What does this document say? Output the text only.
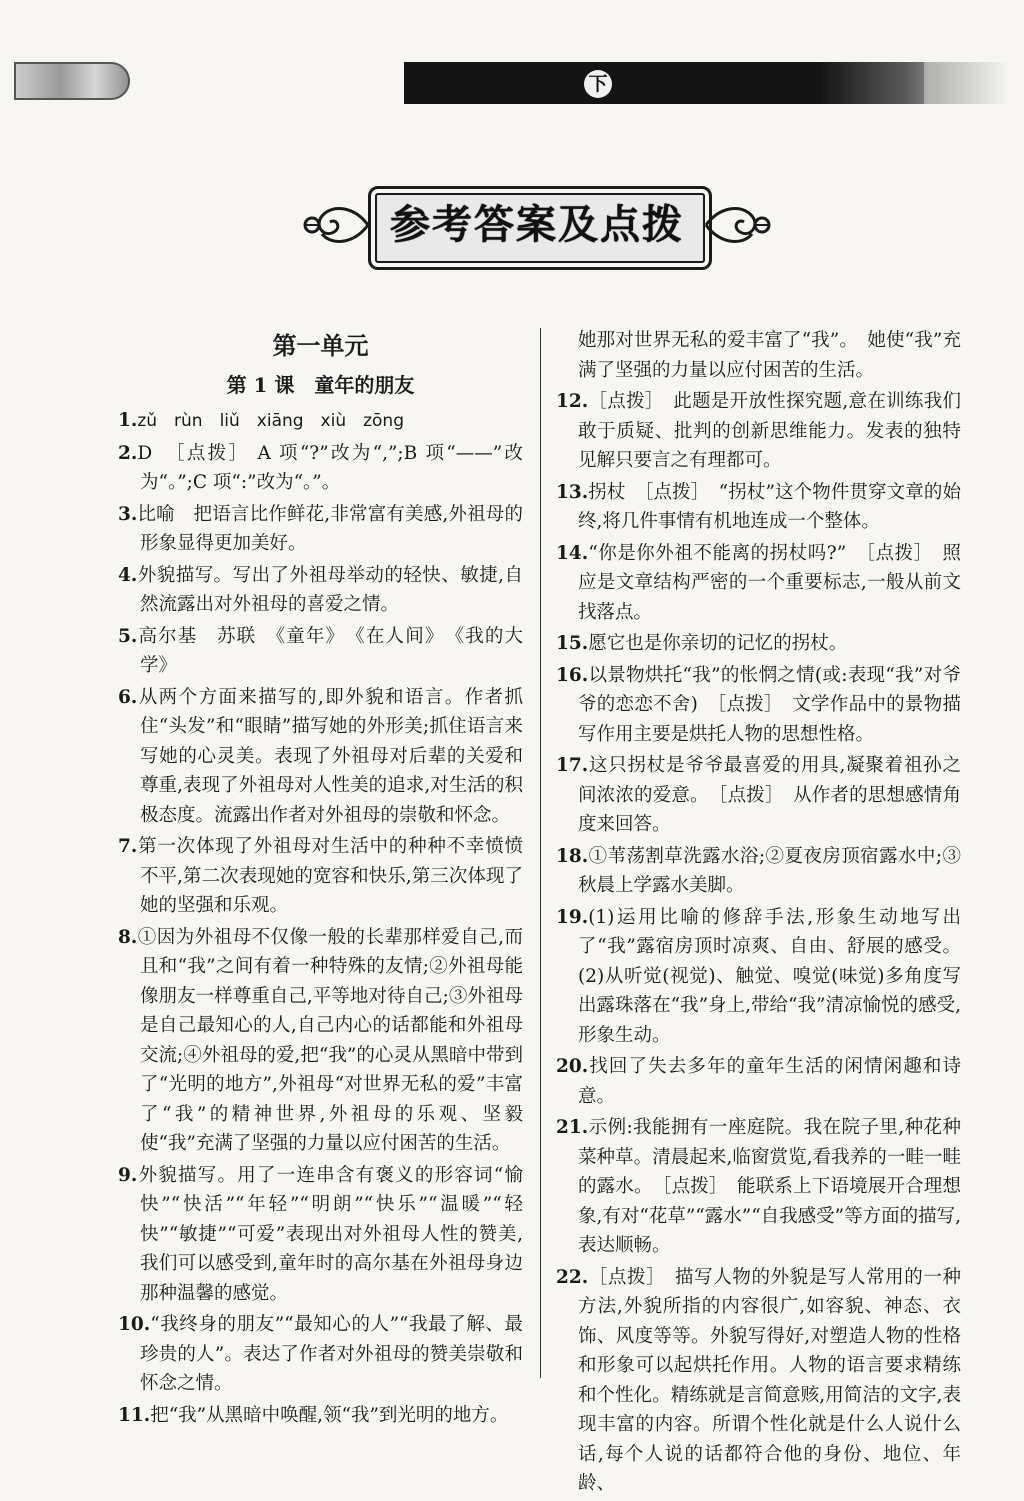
下
参考答案及点拨
第一单元
第 1 课　童年的朋友
1.zǔ　rùn　liǔ　xiāng　xiù　zōng
2.D　［点拨］ A 项“?”改为“,”;B 项“——”改为“。”;C 项“:”改为“。”。
3.比喻　把语言比作鲜花,非常富有美感,外祖母的形象显得更加美好。
4.外貌描写。写出了外祖母举动的轻快、敏捷,自然流露出对外祖母的喜爱之情。
5.高尔基　苏联　《童年》　《在人间》　《我的大学》
6.从两个方面来描写的,即外貌和语言。作者抓住“头发”和“眼睛”描写她的外形美;抓住语言来写她的心灵美。表现了外祖母对后辈的关爱和尊重,表现了外祖母对人性美的追求,对生活的积极态度。流露出作者对外祖母的崇敬和怀念。
7.第一次体现了外祖母对生活中的种种不幸愤愤不平,第二次表现她的宽容和快乐,第三次体现了她的坚强和乐观。
8.①因为外祖母不仅像一般的长辈那样爱自己,而且和“我”之间有着一种特殊的友情;②外祖母能像朋友一样尊重自己,平等地对待自己;③外祖母是自己最知心的人,自己内心的话都能和外祖母交流;④外祖母的爱,把“我”的心灵从黑暗中带到了“光明的地方”,外祖母“对世界无私的爱”丰富了“我”的精神世界,外祖母的乐观、坚毅使“我”充满了坚强的力量以应付困苦的生活。
9.外貌描写。用了一连串含有褒义的形容词“愉快”“快活”“年轻”“明朗”“快乐”“温暖”“轻快”“敏捷”“可爱”表现出对外祖母人性的赞美,我们可以感受到,童年时的高尔基在外祖母身边那种温馨的感觉。
10.“我终身的朋友”“最知心的人”“我最了解、最珍贵的人”。表达了作者对外祖母的赞美崇敬和怀念之情。
11.把“我”从黑暗中唤醒,领“我”到光明的地方。
她那对世界无私的爱丰富了“我”。　她使“我”充满了坚强的力量以应付困苦的生活。
12.［点拨］　此题是开放性探究题,意在训练我们敢于质疑、批判的创新思维能力。发表的独特见解只要言之有理都可。
13.拐杖　［点拨］　“拐杖”这个物件贯穿文章的始终,将几件事情有机地连成一个整体。
14.“你是你外祖不能离的拐杖吗?”　［点拨］　照应是文章结构严密的一个重要标志,一般从前文找落点。
15.愿它也是你亲切的记忆的拐杖。
16.以景物烘托“我”的怅惘之情(或:表现“我”对爷爷的恋恋不舍)　［点拨］　文学作品中的景物描写作用主要是烘托人物的思想性格。
17.这只拐杖是爷爷最喜爱的用具,凝聚着祖孙之间浓浓的爱意。　［点拨］　从作者的思想感情角度来回答。
18.①苇荡割草洗露水浴;②夏夜房顶宿露水中;③秋晨上学露水美脚。
19.(1)运用比喻的修辞手法,形象生动地写出了“我”露宿房顶时凉爽、自由、舒展的感受。(2)从听觉(视觉)、触觉、嗅觉(味觉)多角度写出露珠落在“我”身上,带给“我”清凉愉悦的感受,形象生动。
20.找回了失去多年的童年生活的闲情闲趣和诗意。
21.示例:我能拥有一座庭院。我在院子里,种花种菜种草。清晨起来,临窗赏览,看我养的一畦一畦的露水。　［点拨］　能联系上下语境展开合理想象,有对“花草”“露水”“自我感受”等方面的描写,表达顺畅。
22.［点拨］　描写人物的外貌是写人常用的一种方法,外貌所指的内容很广,如容貌、神态、衣饰、风度等等。外貌写得好,对塑造人物的性格和形象可以起烘托作用。人物的语言要求精练和个性化。精练就是言简意赅,用简洁的文字,表现丰富的内容。所谓个性化就是什么人说什么话,每个人说的话都符合他的身份、地位、年龄、
